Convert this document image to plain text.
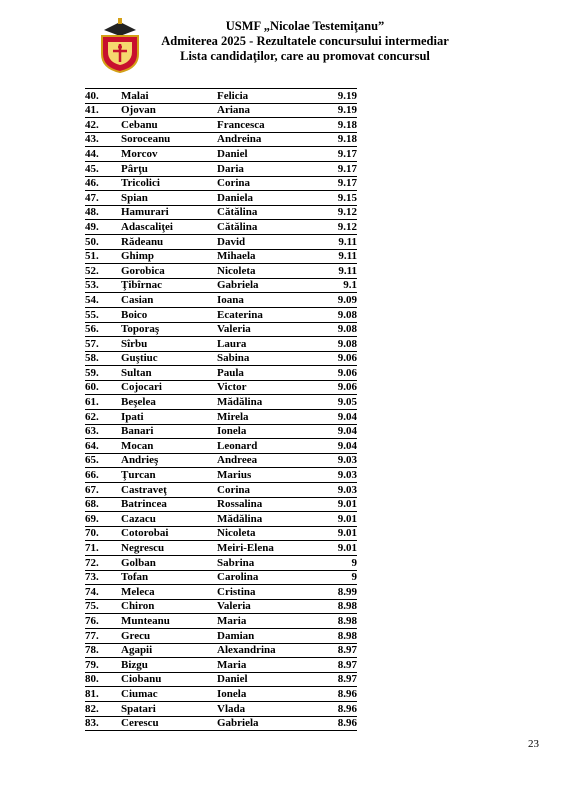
USMF „Nicolae Testemiţanu”
Admiterea 2025 - Rezultatele concursului intermediar
Lista candidaţilor, care au promovat concursul
40.	Malai	Felicia	9.19
41.	Ojovan	Ariana	9.19
42.	Cebanu	Francesca	9.18
43.	Soroceanu	Andreina	9.18
44.	Morcov	Daniel	9.17
45.	Pârţu	Daria	9.17
46.	Tricolici	Corina	9.17
47.	Spian	Daniela	9.15
48.	Hamurari	Cătălina	9.12
49.	Adascaliţei	Cătălina	9.12
50.	Rădeanu	David	9.11
51.	Ghimp	Mihaela	9.11
52.	Gorobica	Nicoleta	9.11
53.	Ţibîrnac	Gabriela	9.1
54.	Casian	Ioana	9.09
55.	Boico	Ecaterina	9.08
56.	Toporaş	Valeria	9.08
57.	Sîrbu	Laura	9.08
58.	Guştiuc	Sabina	9.06
59.	Sultan	Paula	9.06
60.	Cojocari	Victor	9.06
61.	Beşelea	Mădălina	9.05
62.	Ipati	Mirela	9.04
63.	Banari	Ionela	9.04
64.	Mocan	Leonard	9.04
65.	Andrieş	Andreea	9.03
66.	Ţurcan	Marius	9.03
67.	Castraveţ	Corina	9.03
68.	Batrincea	Rossalina	9.01
69.	Cazacu	Mădălina	9.01
70.	Cotorobai	Nicoleta	9.01
71.	Negrescu	Meiri-Elena	9.01
72.	Golban	Sabrina	9
73.	Tofan	Carolina	9
74.	Meleca	Cristina	8.99
75.	Chiron	Valeria	8.98
76.	Munteanu	Maria	8.98
77.	Grecu	Damian	8.98
78.	Agapii	Alexandrina	8.97
79.	Bizgu	Maria	8.97
80.	Ciobanu	Daniel	8.97
81.	Ciumac	Ionela	8.96
82.	Spatari	Vlada	8.96
83.	Cerescu	Gabriela	8.96
23
